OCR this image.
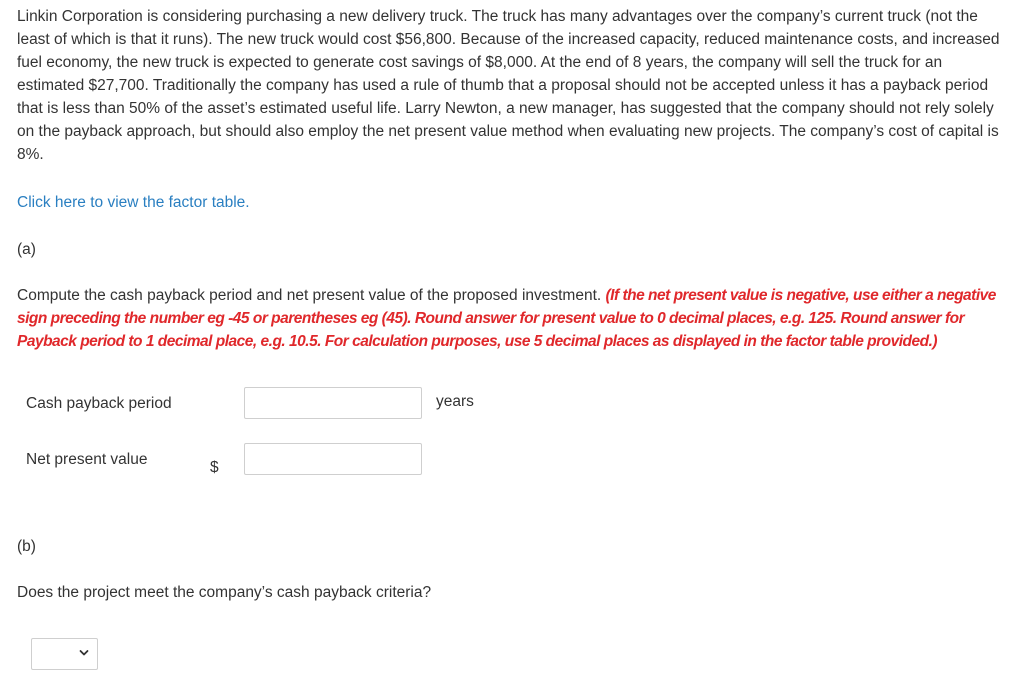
Linkin Corporation is considering purchasing a new delivery truck. The truck has many advantages over the company’s current truck (not the least of which is that it runs). The new truck would cost $56,800. Because of the increased capacity, reduced maintenance costs, and increased fuel economy, the new truck is expected to generate cost savings of $8,000. At the end of 8 years, the company will sell the truck for an estimated $27,700. Traditionally the company has used a rule of thumb that a proposal should not be accepted unless it has a payback period that is less than 50% of the asset’s estimated useful life. Larry Newton, a new manager, has suggested that the company should not rely solely on the payback approach, but should also employ the net present value method when evaluating new projects. The company’s cost of capital is 8%.

Click here to view the factor table.
(a)

Compute the cash payback period and net present value of the proposed investment. (If the net present value is negative, use either a negative sign preceding the number eg -45 or parentheses eg (45). Round answer for present value to 0 decimal places, e.g. 125. Round answer for Payback period to 1 decimal place, e.g. 10.5. For calculation purposes, use 5 decimal places as displayed in the factor table provided.)

Cash payback period	years
Net present value	$
(b)
Does the project meet the company’s cash payback criteria?
